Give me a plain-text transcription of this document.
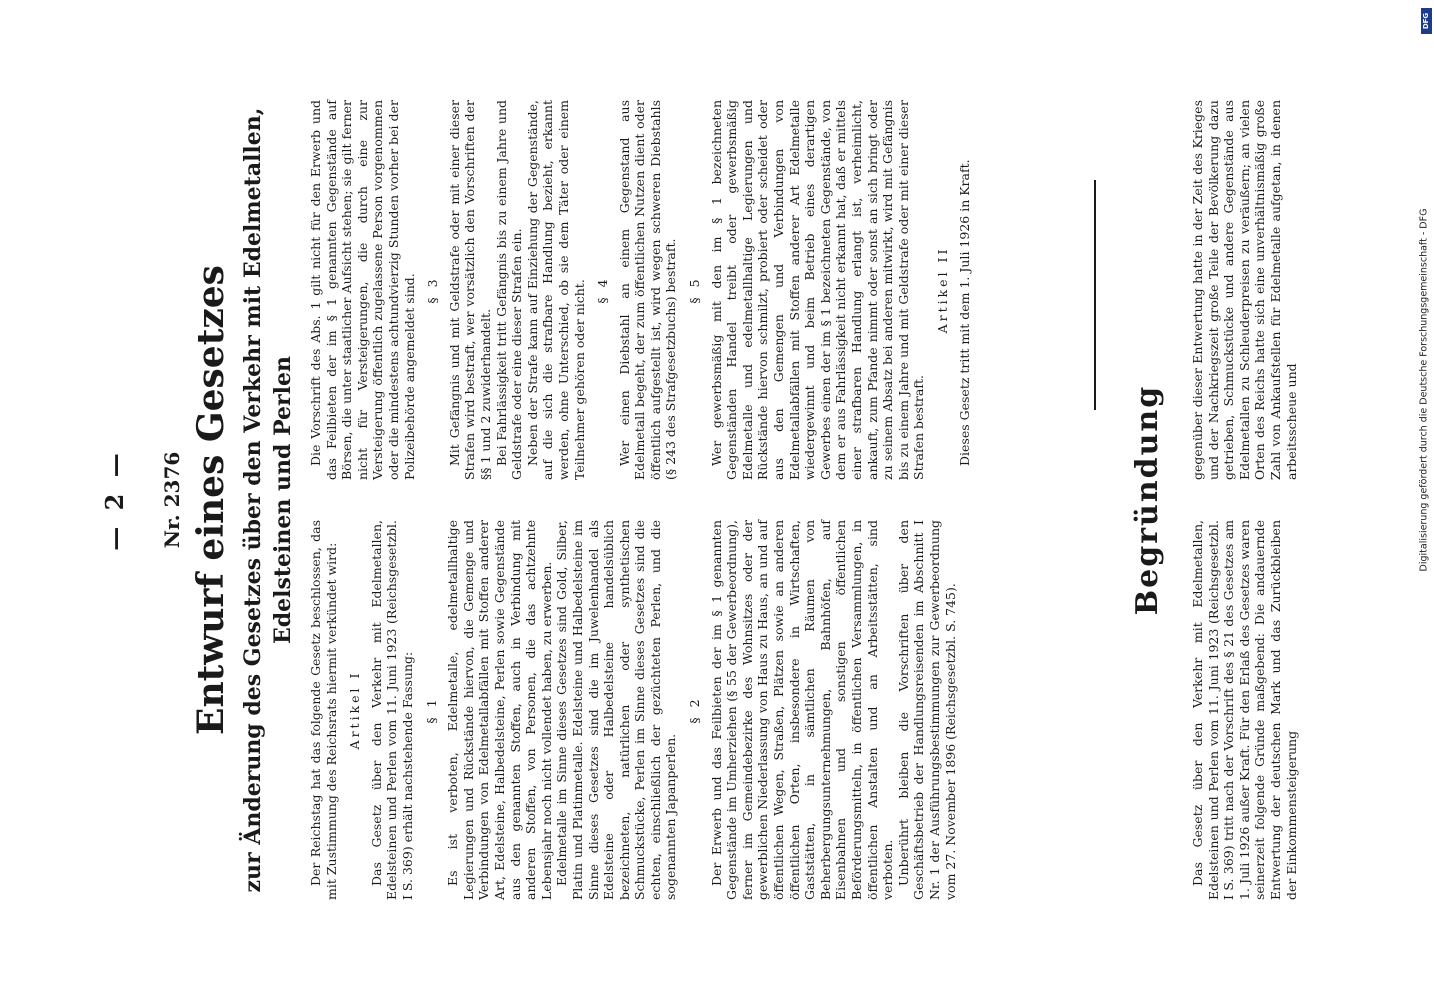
— 2 — Nr. 2376 Entwurf eines Gesetzes zur Änderung des Gesetzes über den Verkehr mit Edelmetallen, Edelsteinen und Perlen

Der Reichstag hat das folgende Gesetz beschlossen, das mit Zustimmung des Reichsrats hiermit verkündet wird: Artikel I Das Gesetz über den Verkehr mit Edelmetallen, Edelsteinen und Perlen vom 11. Juni 1923 (Reichsgesetzbl. I S. 369) erhält nachstehende Fassung: § 1 Es ist verboten, Edelmetalle, edelmetallhaltige Legierungen und Rückstände hiervon, die Gemenge und Verbindungen von Edelmetallabfällen mit Stoffen anderer Art, Edelsteine, Halbedelsteine, Perlen sowie Gegenstände aus den genannten Stoffen, auch in Verbindung mit anderen Stoffen, von Personen, die das achtzehnte Lebensjahr noch nicht vollendet haben, zu erwerben. Edelmetalle im Sinne dieses Gesetzes sind Gold, Silber, Platin und Platinmetalle. Edelsteine und Halbedelsteine im Sinne dieses Gesetzes sind die im Juwelenhandel als Edelsteine oder Halbedelsteine handelsüblich bezeichneten, natürlichen oder synthetischen Schmuckstücke, Perlen im Sinne dieses Gesetzes sind die echten, einschließlich der gezüchteten Perlen, und die sogenannten Japanperlen.

§ 2 Der Erwerb und das Feilbieten der im § 1 genannten Gegenstände im Umherziehen (§ 55 der Gewerbeordnung), ferner im Gemeindebezirke des Wohnsitzes oder der gewerblichen Niederlassung von Haus zu Haus, an und auf öffentlichen Wegen, Straßen, Plätzen sowie an anderen öffentlichen Orten, insbesondere in Wirtschaften, Gaststätten, in sämtlichen Räumen von Beherbergungsunternehmungen, Bahnhöfen, auf Eisenbahnen und sonstigen öffentlichen Beförderungsmitteln, in öffentlichen Versammlungen, in öffentlichen Anstalten und an Arbeitsstätten, sind verboten. Unberührt bleiben die Vorschriften über den Geschäftsbetrieb der Handlungsreisenden im Abschnitt I Nr. 1 der Ausführungsbestimmungen zur Gewerbeordnung vom 27. November 1896 (Reichsgesetzbl. S. 745).

Die Vorschrift des Abs. 1 gilt nicht für den Erwerb und das Feilbieten der im § 1 genannten Gegenstände auf Börsen, die unter staatlicher Aufsicht stehen; sie gilt ferner nicht für Versteigerungen, die durch eine zur Versteigerung öffentlich zugelassene Person vorgenommen oder die mindestens achtundvierzig Stunden vorher bei der Polizeibehörde angemeldet sind. § 3 Mit Gefängnis und mit Geldstrafe oder mit einer dieser Strafen wird bestraft, wer vorsätzlich den Vorschriften der §§ 1 und 2 zuwiderhandelt. Bei Fahrlässigkeit tritt Gefängnis bis zu einem Jahre und Geldstrafe oder eine dieser Strafen ein. Neben der Strafe kann auf Einziehung der Gegenstände, auf die sich die strafbare Handlung bezieht, erkannt werden, ohne Unterschied, ob sie dem Täter oder einem Teilnehmer gehören oder nicht. § 4 Wer einen Diebstahl an einem Gegenstand aus Edelmetall begeht, der zum öffentlichen Nutzen dient oder öffentlich aufgestellt ist, wird wegen schweren Diebstahls (§ 243 des Strafgesetzbuchs) bestraft. § 5 Wer gewerbsmäßig mit den im § 1 bezeichneten Gegenständen Handel treibt oder gewerbsmäßig Edelmetalle und edelmetallhaltige Legierungen und Rückstände hiervon schmilzt, probiert oder scheidet oder aus den Gemengen und Verbindungen von Edelmetallabfällen mit Stoffen anderer Art Edelmetalle wiedergewinnt und beim Betrieb eines derartigen Gewerbes einen der im § 1 bezeichneten Gegenstände, von dem er aus Fahrlässigkeit nicht erkannt hat, daß er mittels einer strafbaren Handlung erlangt ist, verheimlicht, ankauft, zum Pfande nimmt oder sonst an sich bringt oder zu seinem Absatz bei anderen mitwirkt, wird mit Gefängnis bis zu einem Jahre und mit Geldstrafe oder mit einer dieser Strafen bestraft.

Artikel II Dieses Gesetz tritt mit dem 1. Juli 1926 in Kraft.

Begründung

Das Gesetz über den Verkehr mit Edelmetallen, Edelsteinen und Perlen vom 11. Juni 1923 (Reichsgesetzbl. I S. 369) tritt nach der Vorschrift des § 21 des Gesetzes am 1. Juli 1926 außer Kraft. Für den Erlaß des Gesetzes waren seinerzeit folgende Gründe maßgebend: Die andauernde Entwertung der deutschen Mark und das Zurückbleiben der Einkommensteigerung

gegenüber dieser Entwertung hatte in der Zeit des Krieges und der Nachkriegszeit große Teile der Bevölkerung dazu getrieben, Schmuckstücke und andere Gegenstände aus Edelmetallen zu Schleuderpreisen zu veräußern; an vielen Orten des Reichs hatte sich eine unverhältnismäßig große Zahl von Ankaufstellen für Edelmetalle aufgetan, in denen arbeitsscheue und	Digitalisierung gefördert durch die Deutsche Forschungsgemeinschaft - DFG
DFG
